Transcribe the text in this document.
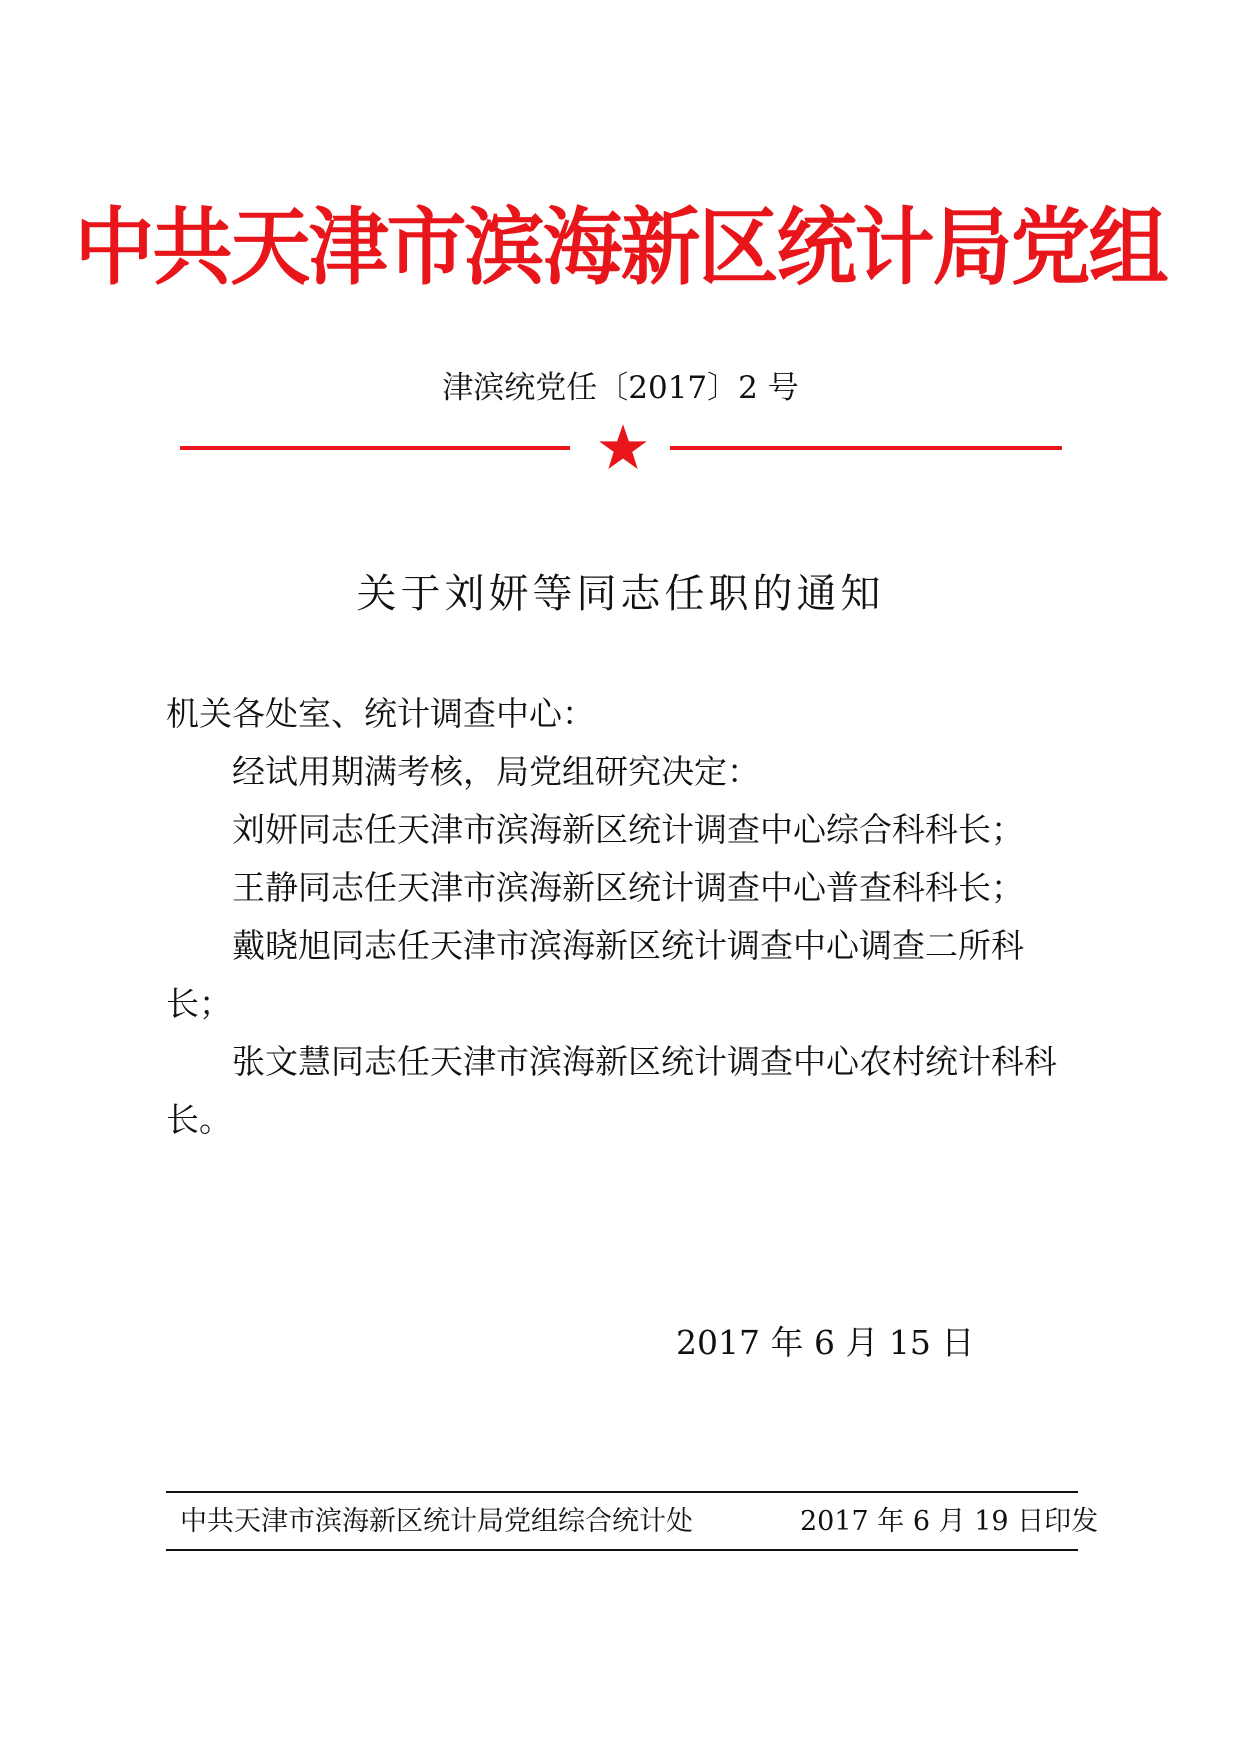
中共天津市滨海新区统计局党组
津滨统党任〔2017〕2 号
关于刘妍等同志任职的通知

机关各处室、统计调查中心：

经试用期满考核，局党组研究决定：

刘妍同志任天津市滨海新区统计调查中心综合科科长；

王静同志任天津市滨海新区统计调查中心普查科科长；

戴晓旭同志任天津市滨海新区统计调查中心调查二所科长；

张文慧同志任天津市滨海新区统计调查中心农村统计科科长。

2017 年 6 月 15 日
中共天津市滨海新区统计局党组综合统计处	2017 年 6 月 19 日印发
